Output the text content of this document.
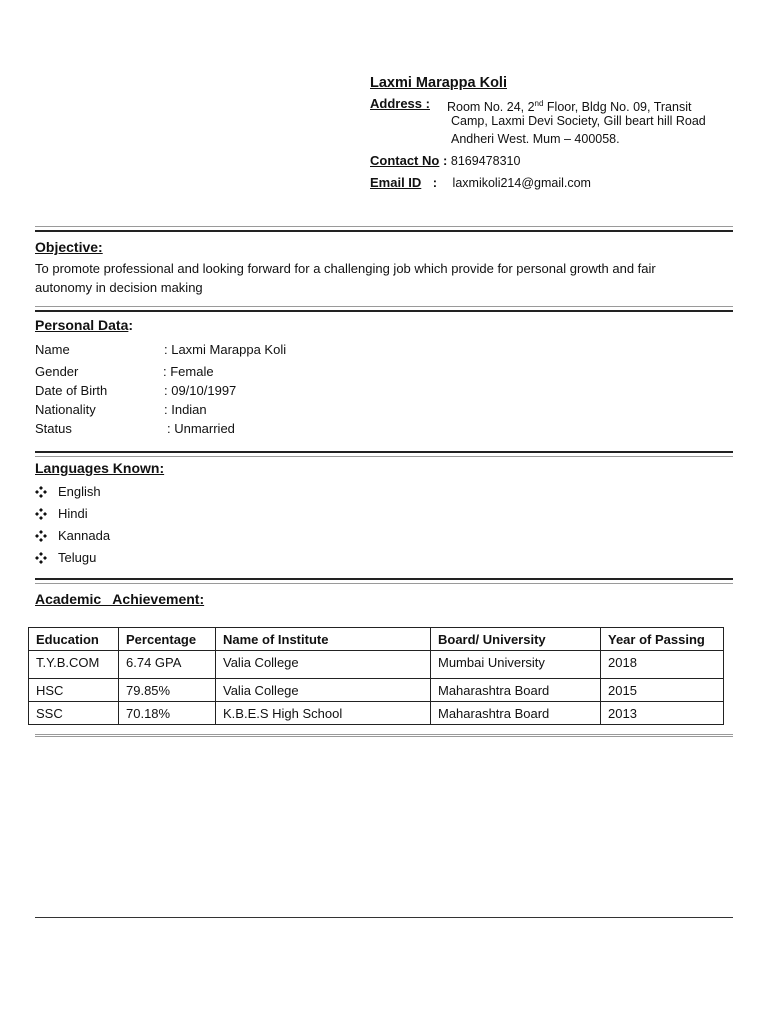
Laxmi Marappa Koli
Address : Room No. 24, 2nd Floor, Bldg No. 09, Transit
Camp, Laxmi Devi Society, Gill beart hill Road
Andheri West. Mum – 400058.
Contact No : 8169478310
Email ID : laxmikoli214@gmail.com
Objective:
To promote professional and looking forward for a challenging job which provide for personal growth and fair
autonomy in decision making
Personal Data:
Name	: Laxmi Marappa Koli
Gender	: Female
Date of Birth	: 09/10/1997
Nationality	: Indian
Status	: Unmarried
Languages Known:
English
Hindi
Kannada
Telugu
Academic   Achievement:
Education	Percentage	Name of Institute	Board/ University	Year of Passing
T.Y.B.COM	6.74 GPA	Valia College	Mumbai University	2018
HSC	79.85%	Valia College	Maharashtra Board	2015
SSC	70.18%	K.B.E.S High School	Maharashtra Board	2013
